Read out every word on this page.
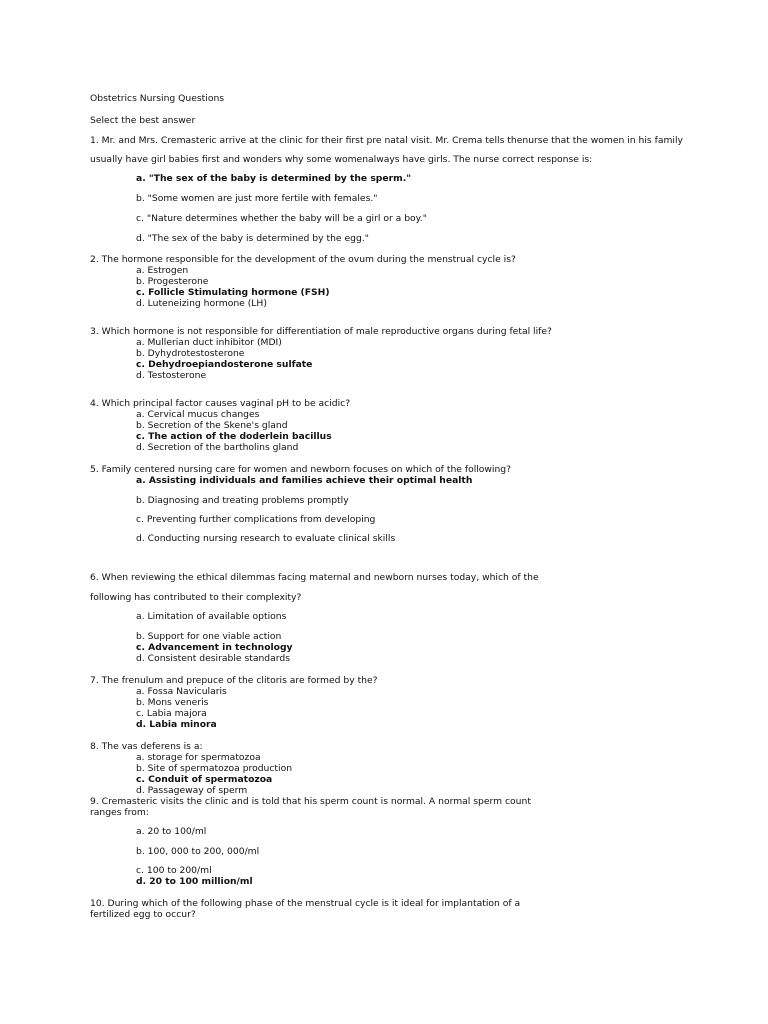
Obstetrics Nursing Questions
Select the best answer
1. Mr. and Mrs. Cremasteric arrive at the clinic for their first pre natal visit. Mr. Crema tells thenurse that the women in his family
usually have girl babies first and wonders why some womenalways have girls. The nurse correct response is:
a. "The sex of the baby is determined by the sperm."
b. "Some women are just more fertile with females."
c. "Nature determines whether the baby will be a girl or a boy."
d. "The sex of the baby is determined by the egg."
2. The hormone responsible for the development of the ovum during the menstrual cycle is?
a. Estrogen
b. Progesterone
c. Follicle Stimulating hormone (FSH)
d. Luteneizing hormone (LH)
3. Which hormone is not responsible for differentiation of male reproductive organs during fetal life?
a. Mullerian duct inhibitor (MDI)
b. Dyhydrotestosterone
c. Dehydroepiandosterone sulfate
d. Testosterone
4. Which principal factor causes vaginal pH to be acidic?
a. Cervical mucus changes
b. Secretion of the Skene's gland
c. The action of the doderlein bacillus
d. Secretion of the bartholins gland
5. Family centered nursing care for women and newborn focuses on which of the following?
a. Assisting individuals and families achieve their optimal health
b. Diagnosing and treating problems promptly
c. Preventing further complications from developing
d. Conducting nursing research to evaluate clinical skills
6. When reviewing the ethical dilemmas facing maternal and newborn nurses today, which of the
following has contributed to their complexity?
a. Limitation of available options
b. Support for one viable action
c. Advancement in technology
d. Consistent desirable standards
7. The frenulum and prepuce of the clitoris are formed by the?
a. Fossa Navicularis
b. Mons veneris
c. Labia majora
d. Labia minora
8. The vas deferens is a:
a. storage for spermatozoa
b. Site of spermatozoa production
c. Conduit of spermatozoa
d. Passageway of sperm
9. Cremasteric visits the clinic and is told that his sperm count is normal. A normal sperm count
ranges from:
a. 20 to 100/ml
b. 100, 000 to 200, 000/ml
c. 100 to 200/ml
d. 20 to 100 million/ml
10. During which of the following phase of the menstrual cycle is it ideal for implantation of a
fertilized egg to occur?
